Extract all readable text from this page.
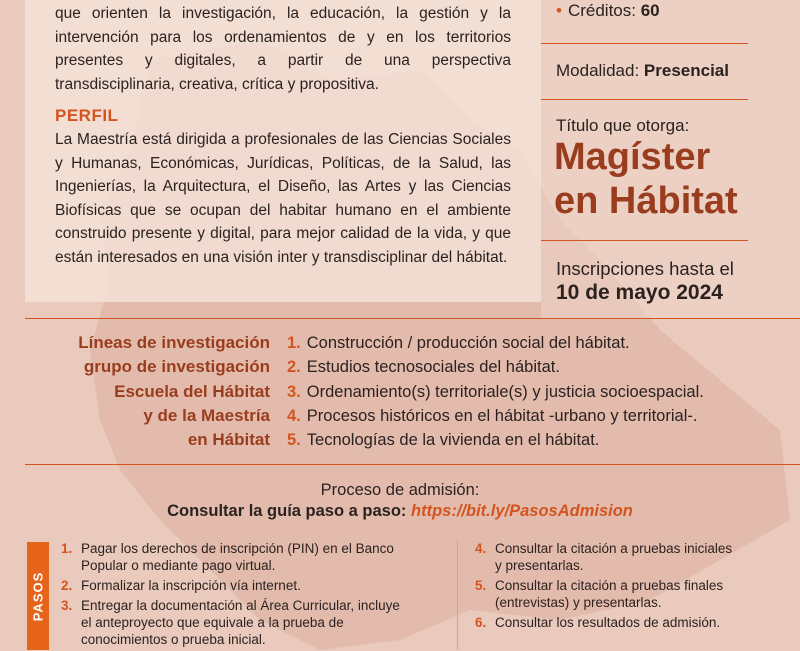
que orienten la investigación, la educación, la gestión y la intervención para los ordenamientos de y en los territorios presentes y digitales, a partir de una perspectiva transdisciplinaria, creativa, crítica y propositiva.

PERFIL

La Maestría está dirigida a profesionales de las Ciencias Sociales y Humanas, Económicas, Jurídicas, Políticas, de la Salud, las Ingenierías, la Arquitectura, el Diseño, las Artes y las Ciencias Biofísicas que se ocupan del habitar humano en el ambiente construido presente y digital, para mejor calidad de la vida, y que están interesados en una visión inter y transdisciplinar del hábitat.

• Créditos: 60

Modalidad: Presencial

Título que otorga:

Magíster
en Hábitat

Inscripciones hasta el

10 de mayo 2024

Líneas de investigación
grupo de investigación
Escuela del Hábitat
y de la Maestría
en Hábitat
1. Construcción / producción social del hábitat.
2. Estudios tecnosociales del hábitat.
3. Ordenamiento(s) territoriale(s) y justicia socioespacial.
4. Procesos históricos en el hábitat -urbano y territorial-.
5. Tecnologías de la vivienda en el hábitat.

Proceso de admisión:

Consultar la guía paso a paso: https://bit.ly/PasosAdmision

PASOS
1. Pagar los derechos de inscripción (PIN) en el Banco Popular o mediante pago virtual.
2. Formalizar la inscripción vía internet.
3. Entregar la documentación al Área Curricular, incluye el anteproyecto que equivale a la prueba de conocimientos o prueba inicial.
4. Consultar la citación a pruebas iniciales y presentarlas.
5. Consultar la citación a pruebas finales (entrevistas) y presentarlas.
6. Consultar los resultados de admisión.
